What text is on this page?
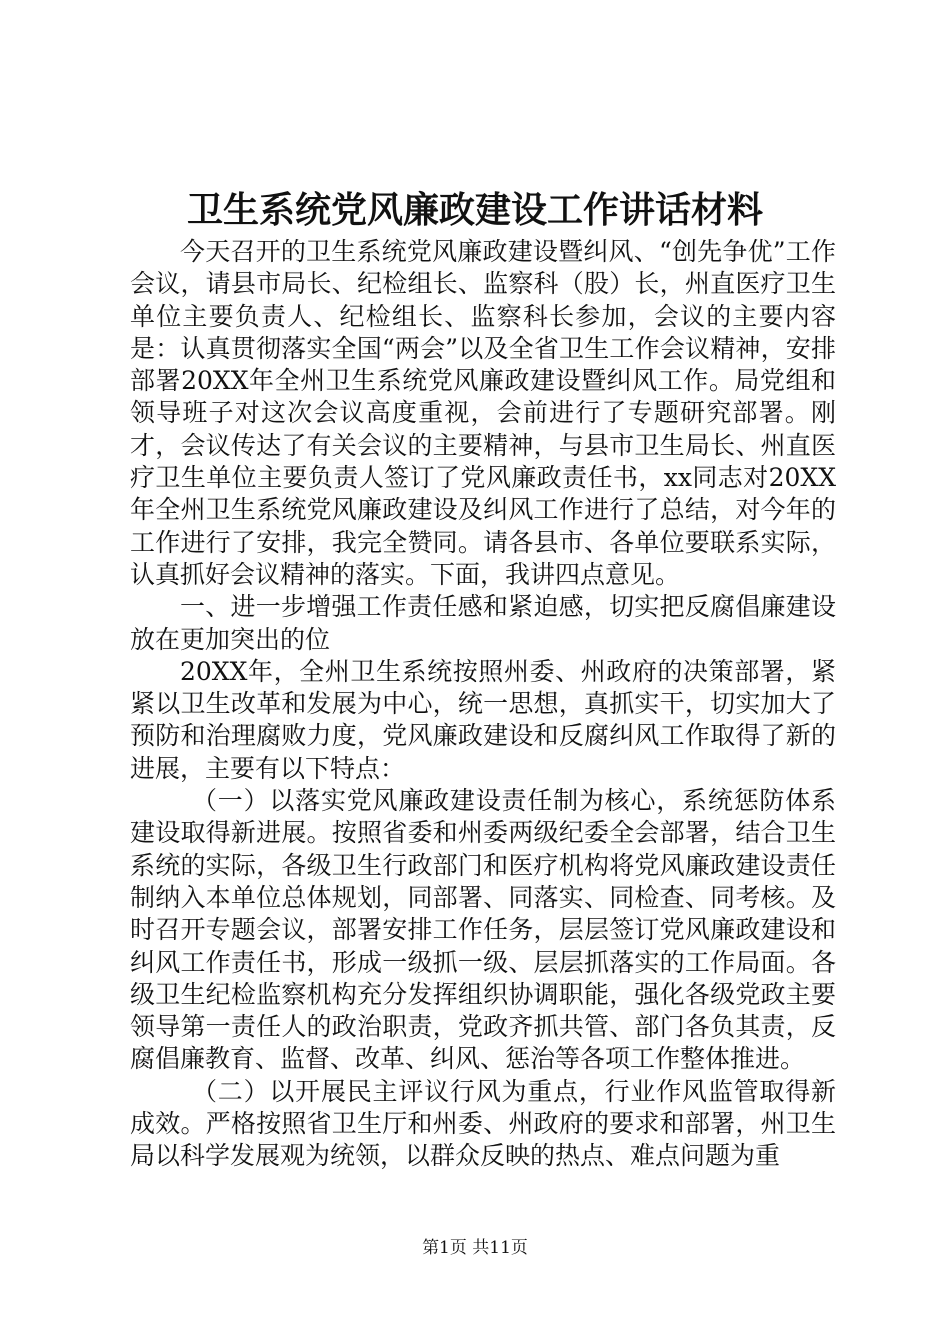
卫生系统党风廉政建设工作讲话材料

今天召开的卫生系统党风廉政建设暨纠风、“创先争优”工作会议，请县市局长、纪检组长、监察科（股）长，州直医疗卫生单位主要负责人、纪检组长、监察科长参加，会议的主要内容是：认真贯彻落实全国“两会”以及全省卫生工作会议精神，安排部署20XX年全州卫生系统党风廉政建设暨纠风工作。局党组和领导班子对这次会议高度重视，会前进行了专题研究部署。刚才，会议传达了有关会议的主要精神，与县市卫生局长、州直医疗卫生单位主要负责人签订了党风廉政责任书，xx同志对20XX年全州卫生系统党风廉政建设及纠风工作进行了总结，对今年的工作进行了安排，我完全赞同。请各县市、各单位要联系实际，认真抓好会议精神的落实。下面，我讲四点意见。

一、进一步增强工作责任感和紧迫感，切实把反腐倡廉建设放在更加突出的位

20XX年，全州卫生系统按照州委、州政府的决策部署，紧紧以卫生改革和发展为中心，统一思想，真抓实干，切实加大了预防和治理腐败力度，党风廉政建设和反腐纠风工作取得了新的进展，主要有以下特点：

（一）以落实党风廉政建设责任制为核心，系统惩防体系建设取得新进展。按照省委和州委两级纪委全会部署，结合卫生系统的实际，各级卫生行政部门和医疗机构将党风廉政建设责任制纳入本单位总体规划，同部署、同落实、同检查、同考核。及时召开专题会议，部署安排工作任务，层层签订党风廉政建设和纠风工作责任书，形成一级抓一级、层层抓落实的工作局面。各级卫生纪检监察机构充分发挥组织协调职能，强化各级党政主要领导第一责任人的政治职责，党政齐抓共管、部门各负其责，反腐倡廉教育、监督、改革、纠风、惩治等各项工作整体推进。

（二）以开展民主评议行风为重点，行业作风监管取得新成效。严格按照省卫生厅和州委、州政府的要求和部署，州卫生局以科学发展观为统领，以群众反映的热点、难点问题为重

第1页 共11页
